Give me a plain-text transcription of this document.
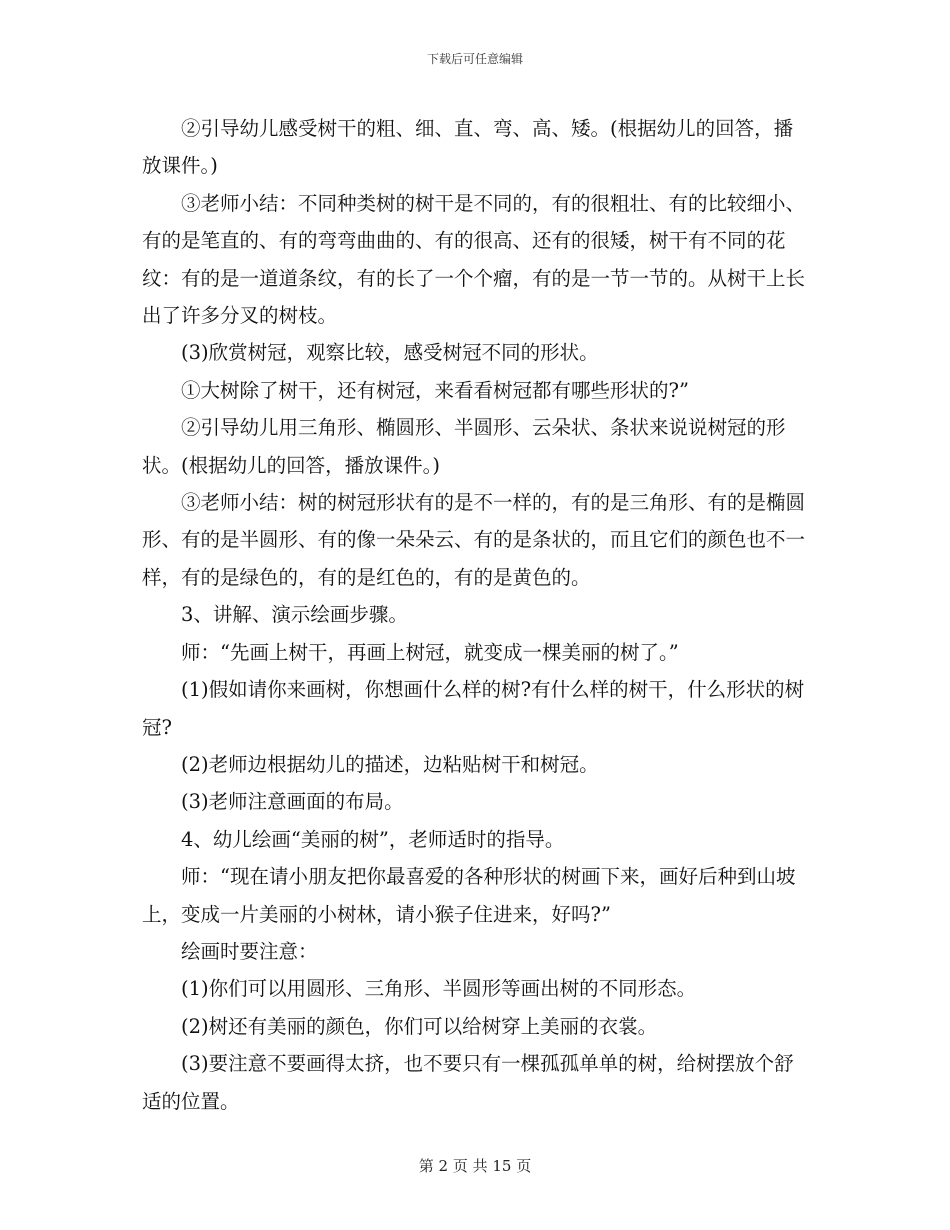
下载后可任意编辑

②引导幼儿感受树干的粗、细、直、弯、高、矮。(根据幼儿的回答，播放课件。)

③老师小结：不同种类树的树干是不同的，有的很粗壮、有的比较细小、有的是笔直的、有的弯弯曲曲的、有的很高、还有的很矮，树干有不同的花纹：有的是一道道条纹，有的长了一个个瘤，有的是一节一节的。从树干上长出了许多分叉的树枝。

(3)欣赏树冠，观察比较，感受树冠不同的形状。

①大树除了树干，还有树冠，来看看树冠都有哪些形状的?”

②引导幼儿用三角形、椭圆形、半圆形、云朵状、条状来说说树冠的形状。(根据幼儿的回答，播放课件。)

③老师小结：树的树冠形状有的是不一样的，有的是三角形、有的是椭圆形、有的是半圆形、有的像一朵朵云、有的是条状的，而且它们的颜色也不一样，有的是绿色的，有的是红色的，有的是黄色的。

3、讲解、演示绘画步骤。

师：“先画上树干，再画上树冠，就变成一棵美丽的树了。”

(1)假如请你来画树，你想画什么样的树?有什么样的树干，什么形状的树冠?

(2)老师边根据幼儿的描述，边粘贴树干和树冠。

(3)老师注意画面的布局。

4、幼儿绘画“美丽的树”，老师适时的指导。

师：“现在请小朋友把你最喜爱的各种形状的树画下来，画好后种到山坡上，变成一片美丽的小树林，请小猴子住进来，好吗?”

绘画时要注意：

(1)你们可以用圆形、三角形、半圆形等画出树的不同形态。

(2)树还有美丽的颜色，你们可以给树穿上美丽的衣裳。

(3)要注意不要画得太挤，也不要只有一棵孤孤单单的树，给树摆放个舒适的位置。

第 2 页 共 15 页
